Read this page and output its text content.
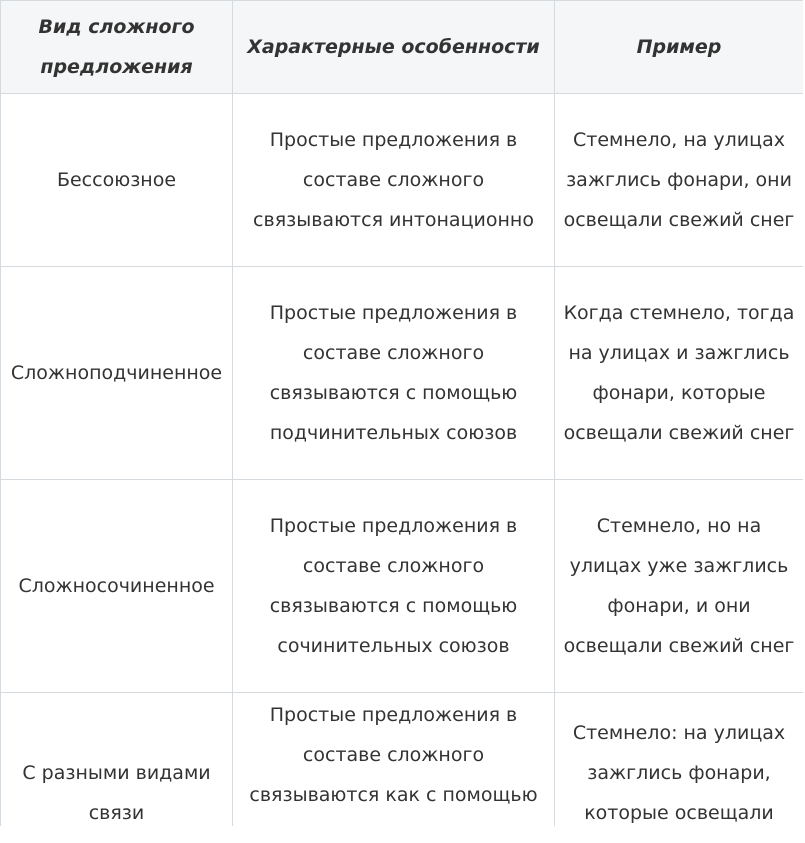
Вид сложного предложения	Характерные особенности	Пример

Бессоюзное	Простые предложения в составе сложного связываются интонационно	Стемнело, на улицах зажглись фонари, они освещали свежий снег

Сложноподчиненное	Простые предложения в составе сложного связываются с помощью подчинительных союзов	Когда стемнело, тогда на улицах и зажглись фонари, которые освещали свежий снег

Сложносочиненное	Простые предложения в составе сложного связываются с помощью сочинительных союзов	Стемнело, но на улицах уже зажглись фонари, и они освещали свежий снег

С разными видами связи	Простые предложения в составе сложного связываются как с помощью	Стемнело: на улицах зажглись фонари, которые освещали
